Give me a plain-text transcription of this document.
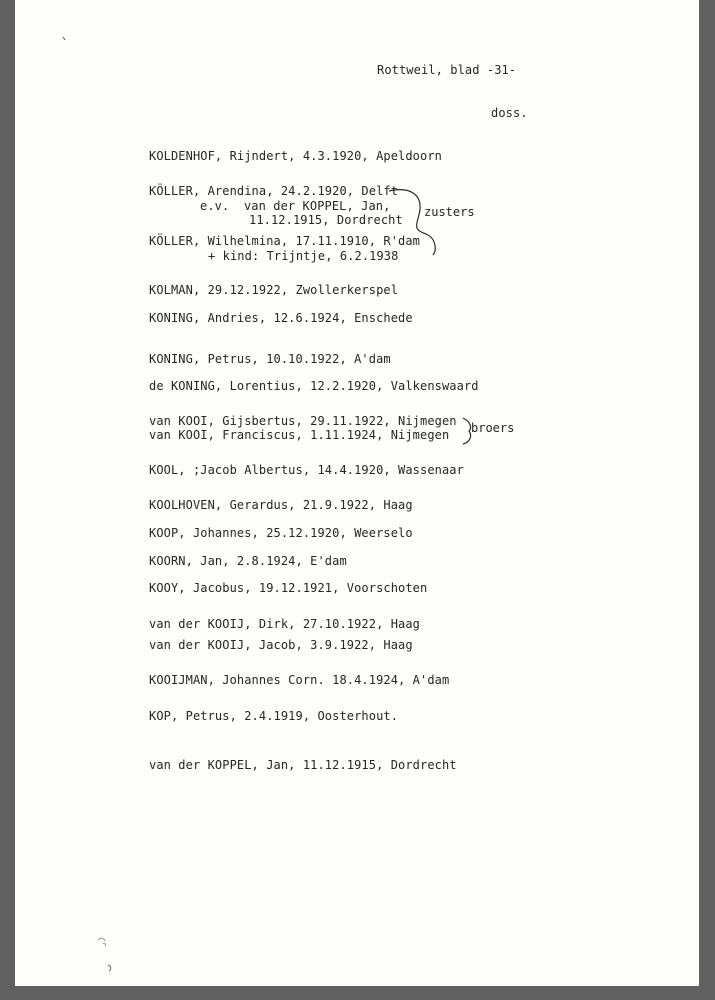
Rottweil, blad -31-
doss.
KOLDENHOF, Rijndert, 4.3.1920, Apeldoorn
KÖLLER, Arendina, 24.2.1920, Delft
e.v.  van der KOPPEL, Jan,
11.12.1915, Dordrecht
KÖLLER, Wilhelmina, 17.11.1910, R'dam
+ kind: Trijntje, 6.2.1938
KOLMAN, 29.12.1922, Zwollerkerspel
KONING, Andries, 12.6.1924, Enschede
KONING, Petrus, 10.10.1922, A'dam
de KONING, Lorentius, 12.2.1920, Valkenswaard
van KOOI, Gijsbertus, 29.11.1922, Nijmegen
van KOOI, Franciscus, 1.11.1924, Nijmegen
KOOL, ;Jacob Albertus, 14.4.1920, Wassenaar
KOOLHOVEN, Gerardus, 21.9.1922, Haag
KOOP, Johannes, 25.12.1920, Weerselo
KOORN, Jan, 2.8.1924, E'dam
KOOY, Jacobus, 19.12.1921, Voorschoten
van der KOOIJ, Dirk, 27.10.1922, Haag
van der KOOIJ, Jacob, 3.9.1922, Haag
KOOIJMAN, Johannes Corn. 18.4.1924, A'dam
KOP, Petrus, 2.4.1919, Oosterhout.
van der KOPPEL, Jan, 11.12.1915, Dordrecht
zusters
broers
